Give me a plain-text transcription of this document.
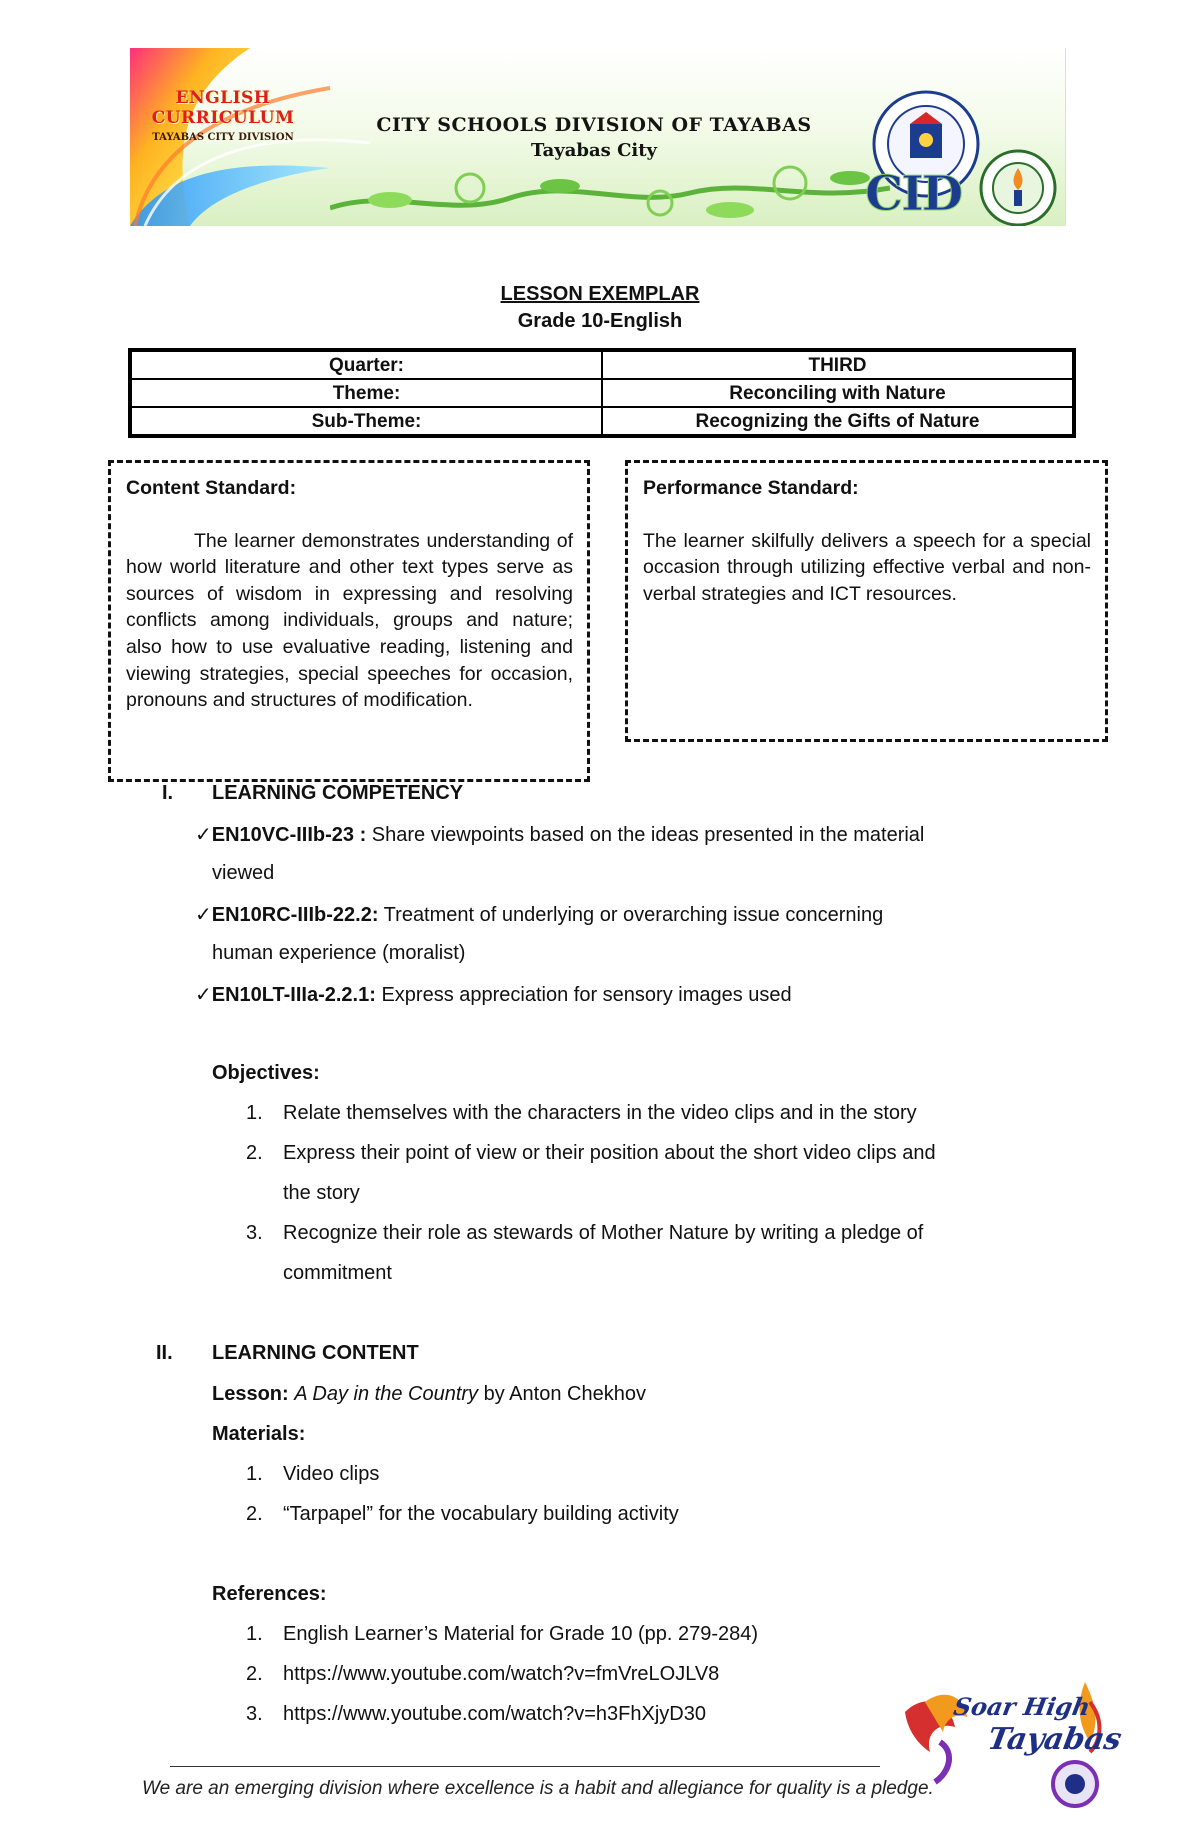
ENGLISH CURRICULUM
TAYABAS CITY DIVISION
CITY SCHOOLS DIVISION OF TAYABAS
Tayabas City
CID
LESSON EXEMPLAR
Grade 10-English
Quarter:	THIRD
Theme:	Reconciling with Nature
Sub-Theme:	Recognizing the Gifts of Nature
Content Standard:
The learner demonstrates understanding of how world literature and other text types serve as sources of wisdom in expressing and resolving conflicts among individuals, groups and nature; also how to use evaluative reading, listening and viewing strategies, special speeches for occasion, pronouns and structures of modification.
Performance Standard:
The learner skilfully delivers a speech for a special occasion through utilizing effective verbal and non-verbal strategies and ICT resources.
I. LEARNING COMPETENCY
✓EN10VC-IIIb-23 : Share viewpoints based on the ideas presented in the material
viewed
✓EN10RC-IIIb-22.2: Treatment of underlying or overarching issue concerning
human experience (moralist)
✓EN10LT-IIIa-2.2.1: Express appreciation for sensory images used
Objectives:
1. Relate themselves with the characters in the video clips and in the story
2. Express their point of view or their position about the short video clips and
the story
3. Recognize their role as stewards of Mother Nature by writing a pledge of
commitment
II. LEARNING CONTENT
Lesson: A Day in the Country by Anton Chekhov
Materials:
1. Video clips
2. “Tarpapel” for the vocabulary building activity
References:
1. English Learner’s Material for Grade 10 (pp. 279-284)
2. https://www.youtube.com/watch?v=fmVreLOJLV8
3. https://www.youtube.com/watch?v=h3FhXjyD30
We are an emerging division where excellence is a habit and allegiance for quality is a pledge.
Soar High
Tayabas
